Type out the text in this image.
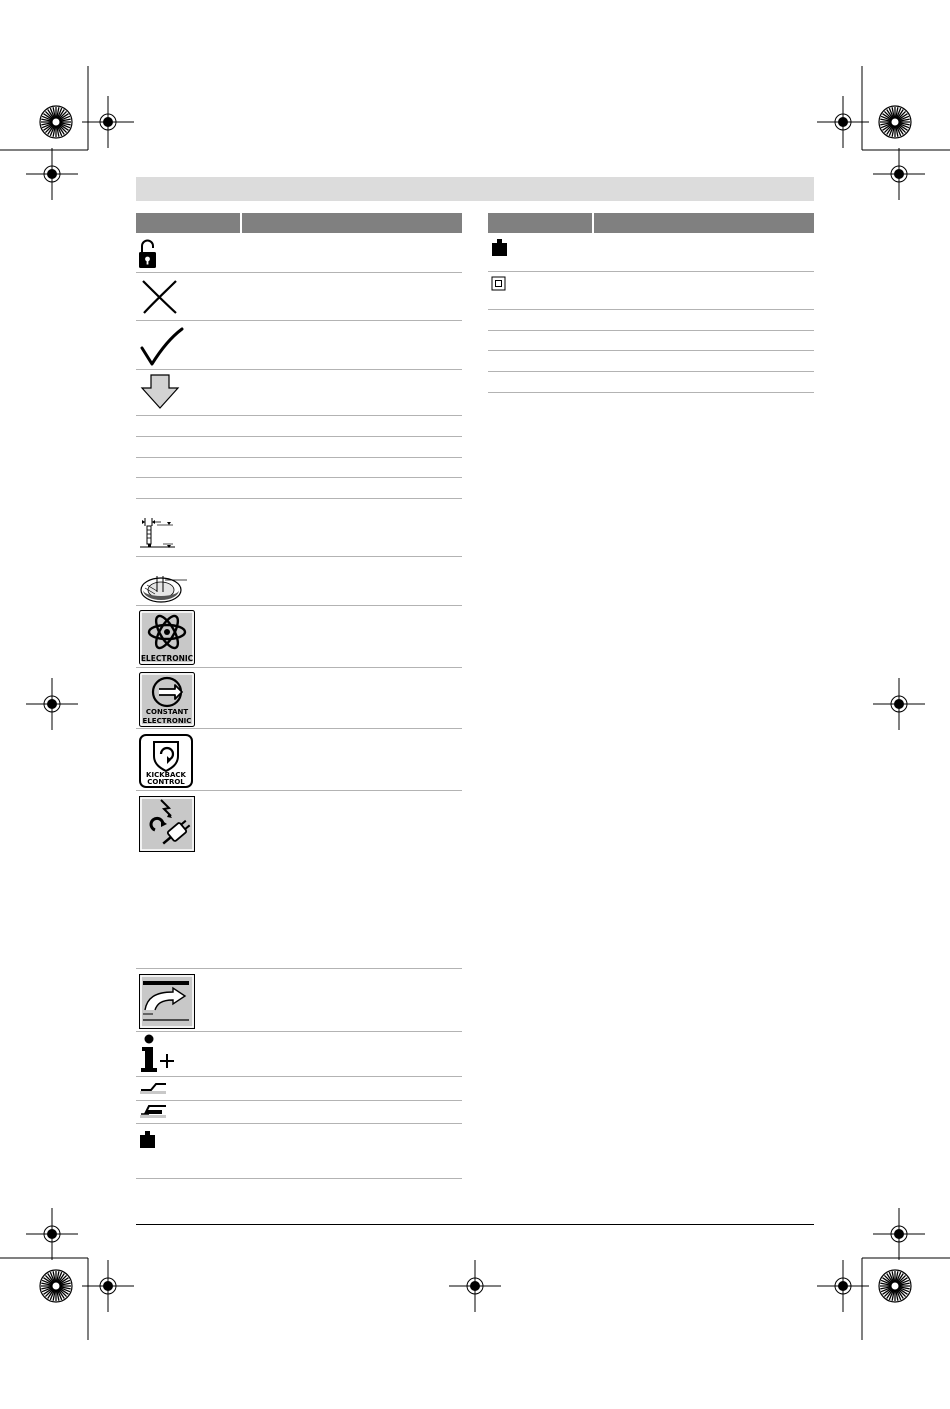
ELECTRONIC
CONSTANT
ELECTRONIC
KICKBACK
CONTROL
